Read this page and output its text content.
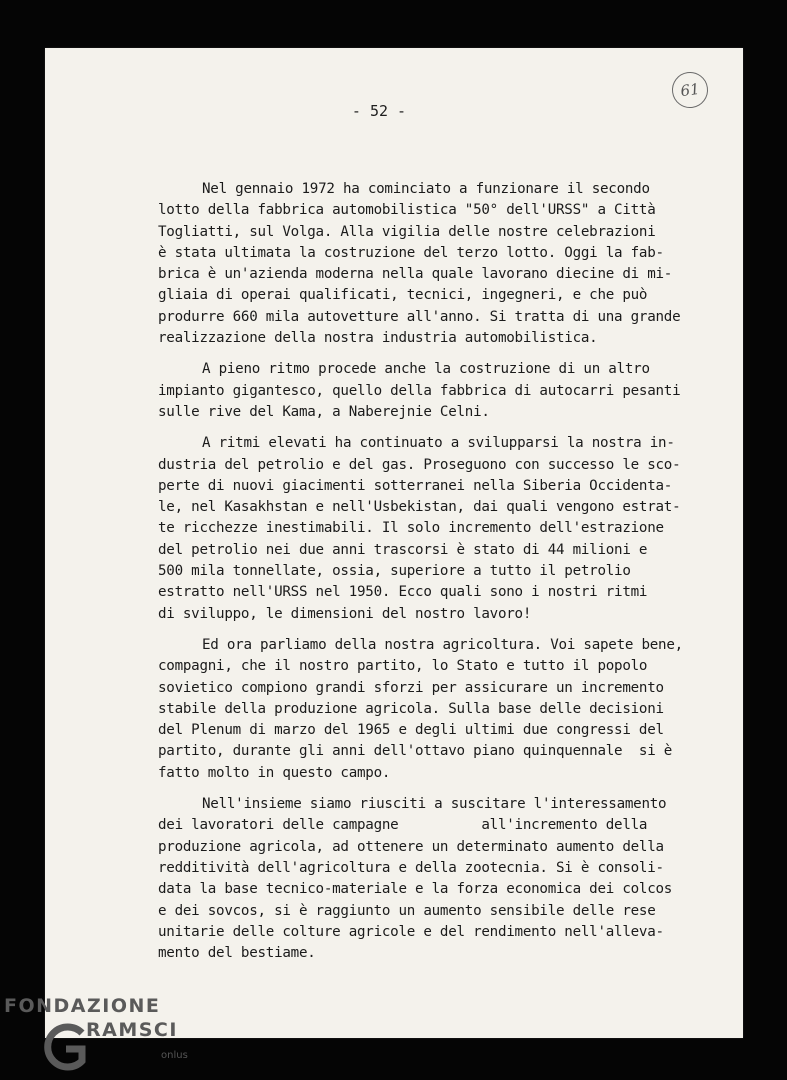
- 52 -
61
Nel gennaio 1972 ha cominciato a funzionare il secondo
lotto della fabbrica automobilistica "50° dell'URSS" a Città
Togliatti, sul Volga. Alla vigilia delle nostre celebrazioni
è stata ultimata la costruzione del terzo lotto. Oggi la fab-
brica è un'azienda moderna nella quale lavorano diecine di mi-
gliaia di operai qualificati, tecnici, ingegneri, e che può
produrre 660 mila autovetture all'anno. Si tratta di una grande
realizzazione della nostra industria automobilistica.
A pieno ritmo procede anche la costruzione di un altro
impianto gigantesco, quello della fabbrica di autocarri pesanti
sulle rive del Kama, a Naberejnie Celni.
A ritmi elevati ha continuato a svilupparsi la nostra in-
dustria del petrolio e del gas. Proseguono con successo le sco-
perte di nuovi giacimenti sotterranei nella Siberia Occidenta-
le, nel Kasakhstan e nell'Usbekistan, dai quali vengono estrat-
te ricchezze inestimabili. Il solo incremento dell'estrazione
del petrolio nei due anni trascorsi è stato di 44 milioni e
500 mila tonnellate, ossia, superiore a tutto il petrolio
estratto nell'URSS nel 1950. Ecco quali sono i nostri ritmi
di sviluppo, le dimensioni del nostro lavoro!
Ed ora parliamo della nostra agricoltura. Voi sapete bene,
compagni, che il nostro partito, lo Stato e tutto il popolo
sovietico compiono grandi sforzi per assicurare un incremento
stabile della produzione agricola. Sulla base delle decisioni
del Plenum di marzo del 1965 e degli ultimi due congressi del
partito, durante gli anni dell'ottavo piano quinquennale  si è
fatto molto in questo campo.
Nell'insieme siamo riusciti a suscitare l'interessamento
dei lavoratori delle campagne          all'incremento della
produzione agricola, ad ottenere un determinato aumento della
redditività dell'agricoltura e della zootecnia. Si è consoli-
data la base tecnico-materiale e la forza economica dei colcos
e dei sovcos, si è raggiunto un aumento sensibile delle rese
unitarie delle colture agricole e del rendimento nell'alleva-
mento del bestiame.
FONDAZIONE
RAMSCI
onlus
